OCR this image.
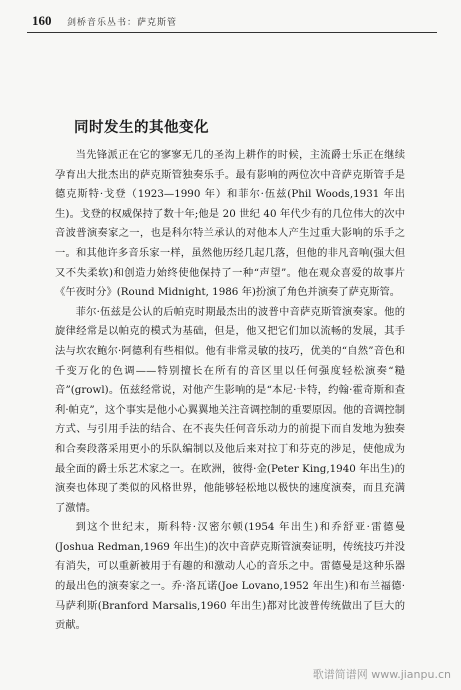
160 剑桥音乐丛书：萨克斯管
同时发生的其他变化

当先锋派正在它的寥寥无几的圣沟上耕作的时候，主流爵士乐正在继续孕育出大批杰出的萨克斯管独奏乐手。最有影响的两位次中音萨克斯管手是德克斯特·戈登（1923—1990 年）和菲尔·伍兹(Phil Woods,1931 年出生)。戈登的权威保持了数十年;他是 20 世纪 40 年代少有的几位伟大的次中音波普演奏家之一，也是科尔特兰承认的对他本人产生过重大影响的乐手之一。和其他许多音乐家一样，虽然他历经几起几落，但他的非凡音响(强大但又不失柔软)和创造力始终使他保持了一种“声望”。他在观众喜爱的故事片《午夜时分》(Round Midnight, 1986 年)扮演了角色并演奏了萨克斯管。

菲尔·伍兹是公认的后帕克时期最杰出的波普中音萨克斯管演奏家。他的旋律经常是以帕克的模式为基础，但是，他又把它们加以流畅的发展，其手法与坎农鲍尔·阿德利有些相似。他有非常灵敏的技巧，优美的“自然”音色和千变万化的色调——特别擅长在所有的音区里以任何强度轻松演奏“糙音”(growl)。伍兹经常说，对他产生影响的是“本尼·卡特，约翰·霍奇斯和查利·帕克”，这个事实是他小心翼翼地关注音调控制的重要原因。他的音调控制方式、与引用手法的结合、在不丧失任何音乐动力的前提下而自发地为独奏和合奏段落采用更小的乐队编制以及他后来对拉丁和芬克的涉足，使他成为最全面的爵士乐艺术家之一。在欧洲，彼得·金(Peter King,1940 年出生)的演奏也体现了类似的风格世界，他能够轻松地以极快的速度演奏，而且充满了激情。

到这个世纪末，斯科特·汉密尔顿(1954 年出生)和乔舒亚·雷德曼(Joshua Redman,1969 年出生)的次中音萨克斯管演奏证明，传统技巧并没有消失，可以重新被用于有趣的和激动人心的音乐之中。雷德曼是这种乐器的最出色的演奏家之一。乔·洛瓦诺(Joe Lovano,1952 年出生)和布兰福德·马萨利斯(Branford Marsalis,1960 年出生)都对比波普传统做出了巨大的贡献。

歌谱简谱网 www.jianpu.cn
